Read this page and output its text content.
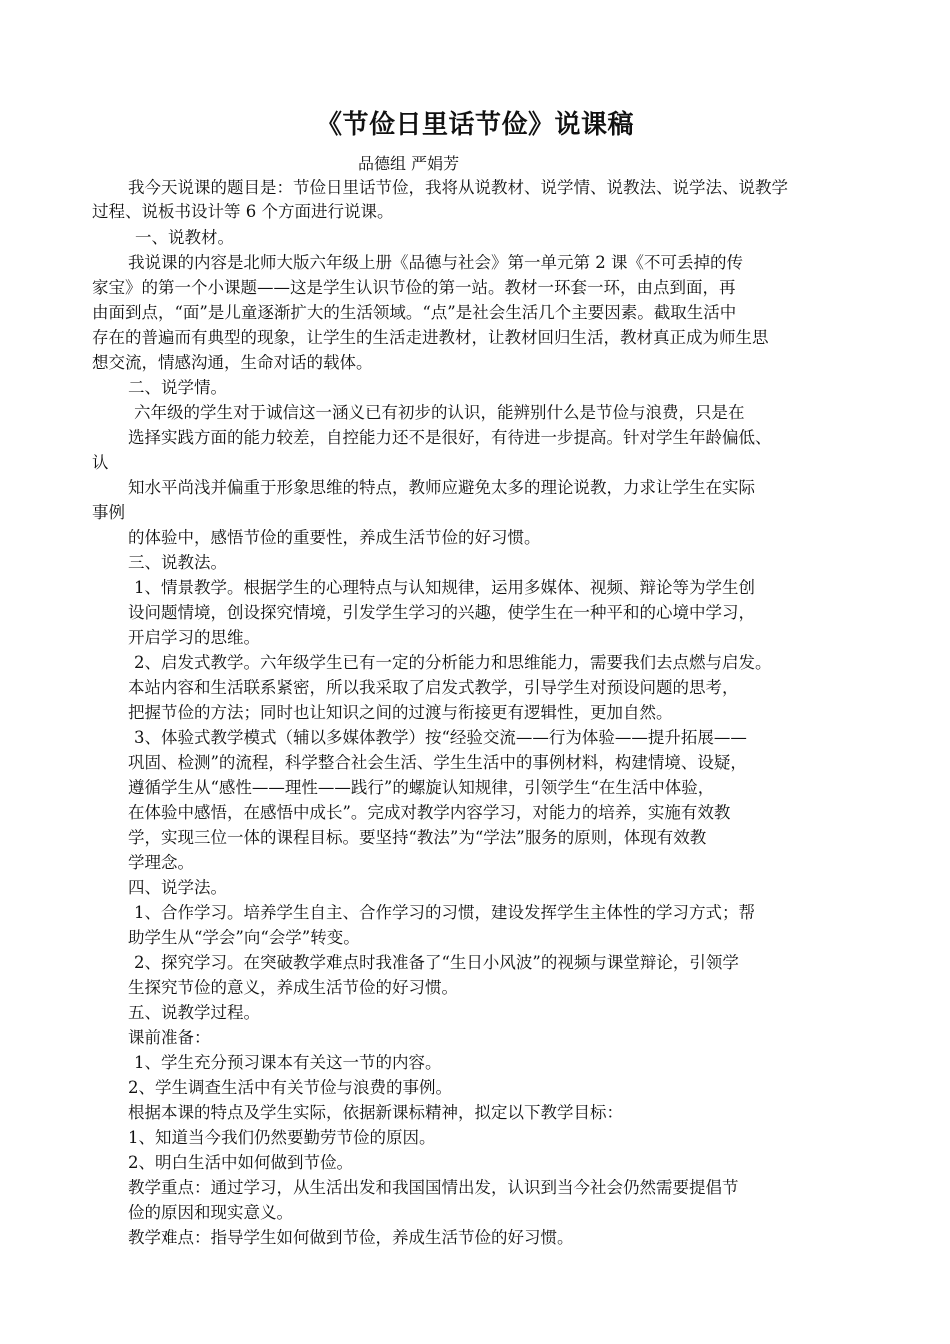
《节俭日里话节俭》说课稿
品德组 严娟芳
我今天说课的题目是：节俭日里话节俭，我将从说教材、说学情、说教法、说学法、说教学
过程、说板书设计等 6 个方面进行说课。
一、说教材。
我说课的内容是北师大版六年级上册《品德与社会》第一单元第 2 课《不可丢掉的传
家宝》的第一个小课题——这是学生认识节俭的第一站。教材一环套一环，由点到面，再
由面到点，“面”是儿童逐渐扩大的生活领域。“点”是社会生活几个主要因素。截取生活中
存在的普遍而有典型的现象，让学生的生活走进教材，让教材回归生活，教材真正成为师生思
想交流，情感沟通，生命对话的载体。
二、说学情。
六年级的学生对于诚信这一涵义已有初步的认识，能辨别什么是节俭与浪费，只是在
选择实践方面的能力较差，自控能力还不是很好，有待进一步提高。针对学生年龄偏低、
认
知水平尚浅并偏重于形象思维的特点，教师应避免太多的理论说教，力求让学生在实际
事例
的体验中，感悟节俭的重要性，养成生活节俭的好习惯。
三、说教法。
1、情景教学。根据学生的心理特点与认知规律，运用多媒体、视频、辩论等为学生创
设问题情境，创设探究情境，引发学生学习的兴趣，使学生在一种平和的心境中学习，
开启学习的思维。
2、启发式教学。六年级学生已有一定的分析能力和思维能力，需要我们去点燃与启发。
本站内容和生活联系紧密，所以我采取了启发式教学，引导学生对预设问题的思考，
把握节俭的方法；同时也让知识之间的过渡与衔接更有逻辑性，更加自然。
3、体验式教学模式（辅以多媒体教学）按“经验交流——行为体验——提升拓展——
巩固、检测”的流程，科学整合社会生活、学生生活中的事例材料，构建情境、设疑，
遵循学生从“感性——理性——践行”的螺旋认知规律，引领学生“在生活中体验，
在体验中感悟，在感悟中成长”。完成对教学内容学习，对能力的培养，实施有效教
学，实现三位一体的课程目标。要坚持“教法”为“学法”服务的原则，体现有效教
学理念。
四、说学法。
1、合作学习。培养学生自主、合作学习的习惯，建设发挥学生主体性的学习方式；帮
助学生从“学会”向“会学”转变。
2、探究学习。在突破教学难点时我准备了“生日小风波”的视频与课堂辩论，引领学
生探究节俭的意义，养成生活节俭的好习惯。
五、说教学过程。
课前准备：
1、学生充分预习课本有关这一节的内容。
2、学生调查生活中有关节俭与浪费的事例。
根据本课的特点及学生实际，依据新课标精神，拟定以下教学目标：
1、知道当今我们仍然要勤劳节俭的原因。
2、明白生活中如何做到节俭。
教学重点：通过学习，从生活出发和我国国情出发，认识到当今社会仍然需要提倡节
俭的原因和现实意义。
教学难点：指导学生如何做到节俭，养成生活节俭的好习惯。
